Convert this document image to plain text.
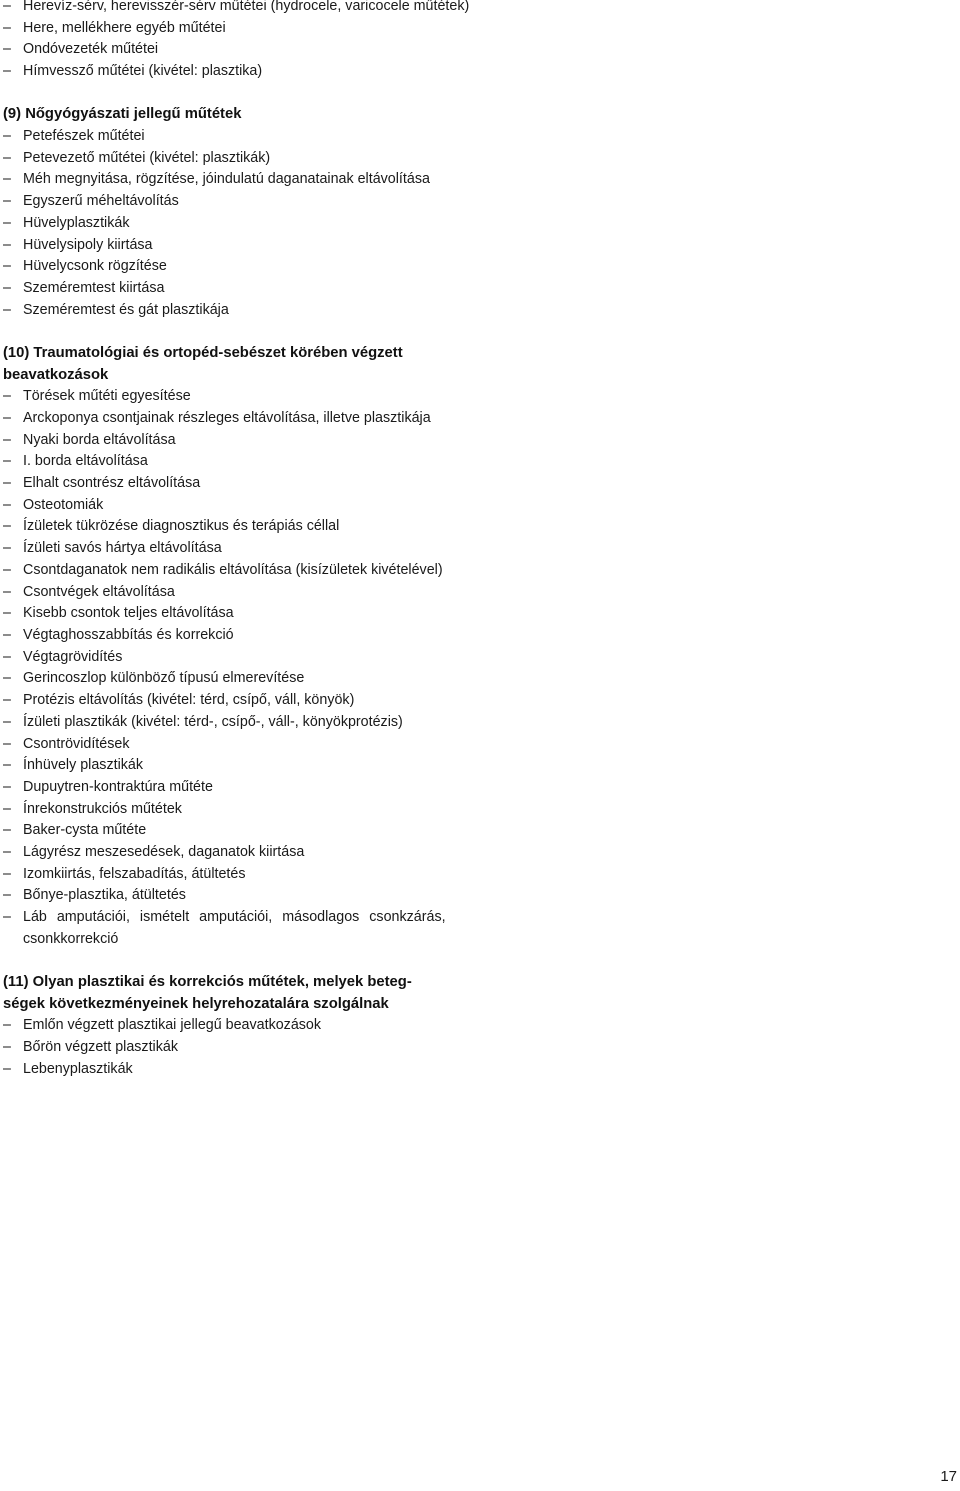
– Herevíz-sérv, herevisszér-sérv műtétei (hydrocele, varicocele műtétek)
– Here, mellékhere egyéb műtétei
– Ondóvezeték műtétei
– Hímvessző műtétei (kivétel: plasztika)
(9) Nőgyógyászati jellegű műtétek
– Petefészek műtétei
– Petevezető műtétei (kivétel: plasztikák)
– Méh megnyitása, rögzítése, jóindulatú daganatainak eltávolítása
– Egyszerű méheltávolítás
– Hüvelyplasztikák
– Hüvelysipoly kiirtása
– Hüvelycsonk rögzítése
– Szeméremtest kiirtása
– Szeméremtest és gát plasztikája
(10) Traumatológiai és ortopéd-sebészet körében végzett
beavatkozások
– Törések műtéti egyesítése
– Arckoponya csontjainak részleges eltávolítása, illetve plasztikája
– Nyaki borda eltávolítása
– I. borda eltávolítása
– Elhalt csontrész eltávolítása
– Osteotomiák
– Ízületek tükrözése diagnosztikus és terápiás céllal
– Ízületi savós hártya eltávolítása
– Csontdaganatok nem radikális eltávolítása (kisízületek kivételével)
– Csontvégek eltávolítása
– Kisebb csontok teljes eltávolítása
– Végtaghosszabbítás és korrekció
– Végtagrövidítés
– Gerincoszlop különböző típusú elmerevítése
– Protézis eltávolítás (kivétel: térd, csípő, váll, könyök)
– Ízületi plasztikák (kivétel: térd-, csípő-, váll-, könyökprotézis)
– Csontrövidítések
– Ínhüvely plasztikák
– Dupuytren-kontraktúra műtéte
– Ínrekonstrukciós műtétek
– Baker-cysta műtéte
– Lágyrész meszesedések, daganatok kiirtása
– Izomkiirtás, felszabadítás, átültetés
– Bőnye-plasztika, átültetés
– Láb amputációi, ismételt amputációi, másodlagos csonkzárás,
csonkkorrekció
(11) Olyan plasztikai és korrekciós műtétek, melyek beteg-
ségek következményeinek helyrehozatalára szolgálnak
– Emlőn végzett plasztikai jellegű beavatkozások
– Bőrön végzett plasztikák
– Lebenyplasztikák
17
